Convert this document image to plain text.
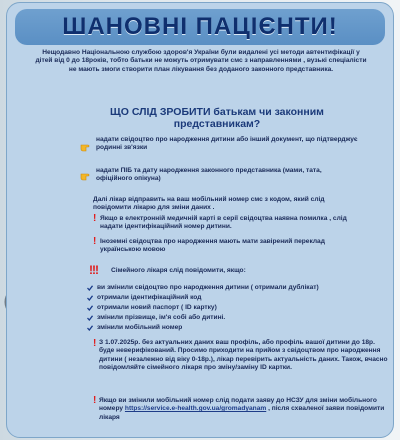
ШАНОВНІ ПАЦІЄНТИ!
Нещодавно Національною службою здоров'я України були видалені усі методи автентифікації у дітей від 0 до 18років, тобто батьки не можуть отримувати смс з направленнями , вузькі спеціалісти не мають змоги створити план лікування без доданого законного представника.
ЩО СЛІД ЗРОБИТИ батькам чи законним представникам?
надати свідоцтво про народження дитини або інший документ, що підтверджує родинні зв'язки
надати ПІБ та дату народження законного представника (мами, тата, офіційного опікуна)
Далі лікар відправить на ваш мобільний номер смс з кодом, який слід повідомити лікарю для зміни даних .
! Якщо в електронній медичній карті в серії свідоцтва наявна помилка , слід надати ідентифікаційний номер дитини.
! Іноземні свідоцтва про народження мають мати завірений переклад українською мовою
!!! Сімейного лікаря слід повідомити, якщо:
ви змінили свідоцтво про народження дитини ( отримали дублікат)
отримали ідентифікаційний код
отримали новий паспорт ( ID картку)
змінили прізвище, ім'я собі або дитині.
змінили мобільний номер
! З 1.07.2025р. без актуальних даних ваш профіль, або профіль вашої дитини до 18р. буде неверифікований. Просимо приходити на прийом з свідоцтвом про народження дитини ( незалежно від віку 0-18р.), лікар перевірить актуальність даних. Також, вчасно повідомляйте сімейного лікаря про зміну/заміну ID картки.
! Якщо ви змінили мобільний номер слід подати заяву до НСЗУ для зміни мобільного номеру https://service.e-health.gov.ua/gromadyanam , після схваленої заяви повідомити лікаря
